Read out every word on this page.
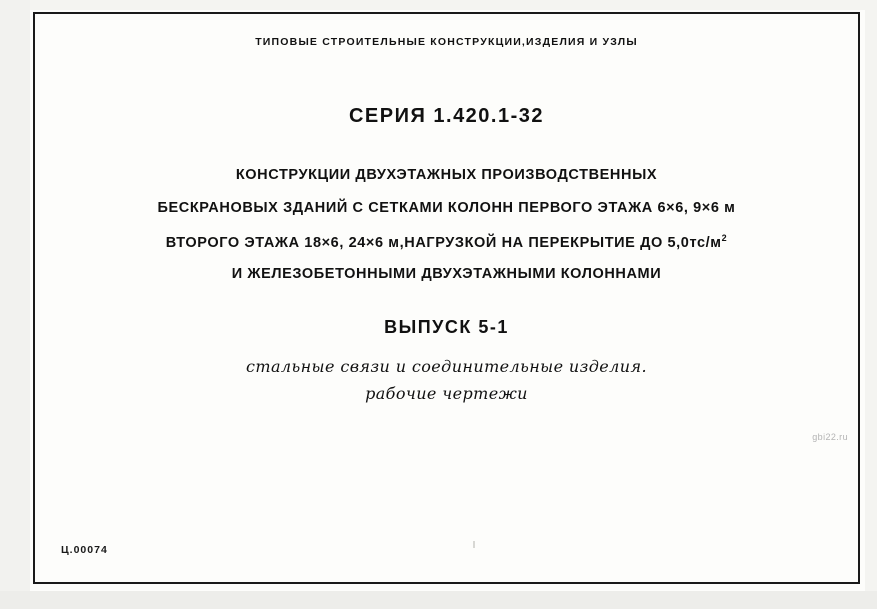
ТИПОВЫЕ СТРОИТЕЛЬНЫЕ КОНСТРУКЦИИ,ИЗДЕЛИЯ И УЗЛЫ
СЕРИЯ 1.420.1-32
КОНСТРУКЦИИ ДВУХЭТАЖНЫХ ПРОИЗВОДСТВЕННЫХ
БЕСКРАНОВЫХ ЗДАНИЙ С СЕТКАМИ КОЛОНН ПЕРВОГО ЭТАЖА 6×6, 9×6 м
ВТОРОГО ЭТАЖА 18×6, 24×6 м,НАГРУЗКОЙ НА ПЕРЕКРЫТИЕ ДО $5,0тс/м^2$
И ЖЕЛЕЗОБЕТОННЫМИ ДВУХЭТАЖНЫМИ КОЛОННАМИ
ВЫПУСК 5-1
стальные связи и соединительные изделия.
рабочие чертежи
gbi22.ru
Ц.00074
